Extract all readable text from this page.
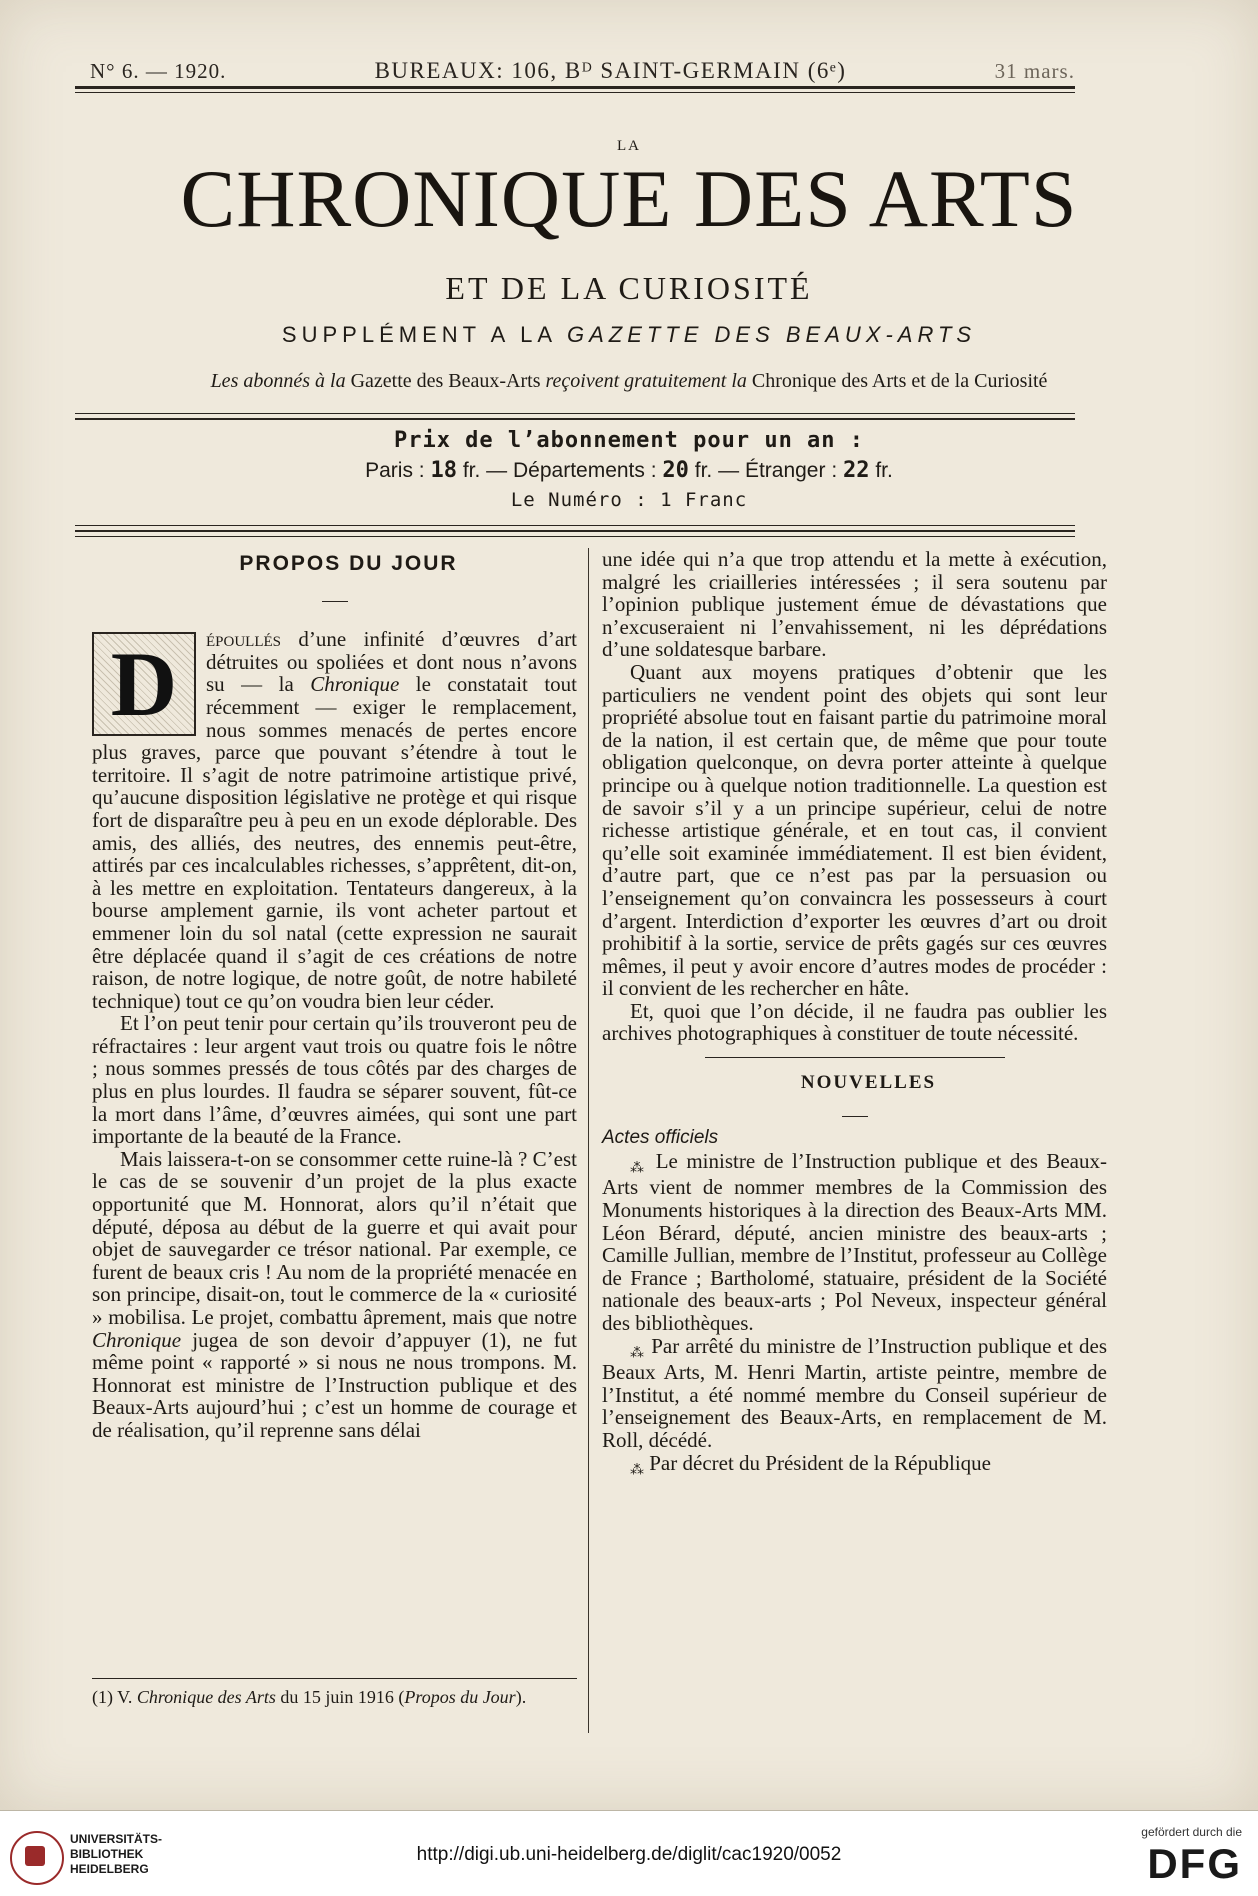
N° 6. — 1920.	BUREAUX: 106, Bᴰ SAINT-GERMAIN (6ᵉ)	31 mars.
LA
CHRONIQUE DES ARTS
ET DE LA CURIOSITÉ
SUPPLÉMENT A LA GAZETTE DES BEAUX-ARTS
Les abonnés à la Gazette des Beaux-Arts reçoivent gratuitement la Chronique des Arts et de la Curiosité
Prix de l’abonnement pour un an :
Paris : 18 fr. — Départements : 20 fr. — Étranger : 22 fr.
Le Numéro : 1 Franc

PROPOS DU JOUR

D	époullés d’une infinité d’œuvres d’art détruites ou spoliées et dont nous n’avons su — la Chronique le constatait tout récemment — exiger le remplacement, nous sommes menacés de pertes encore plus graves, parce que pouvant s’étendre à tout le territoire. Il s’agit de notre patrimoine artistique privé, qu’aucune disposition législative ne protège et qui risque fort de disparaître peu à peu en un exode déplorable. Des amis, des alliés, des neutres, des ennemis peut-être, attirés par ces incalculables richesses, s’apprêtent, dit-on, à les mettre en exploitation. Tentateurs dangereux, à la bourse amplement garnie, ils vont acheter partout et emmener loin du sol natal (cette expression ne saurait être déplacée quand il s’agit de ces créations de notre raison, de notre logique, de notre goût, de notre habileté technique) tout ce qu’on voudra bien leur céder.

Et l’on peut tenir pour certain qu’ils trouveront peu de réfractaires : leur argent vaut trois ou quatre fois le nôtre ; nous sommes pressés de tous côtés par des charges de plus en plus lourdes. Il faudra se séparer souvent, fût-ce la mort dans l’âme, d’œuvres aimées, qui sont une part importante de la beauté de la France.

Mais laissera-t-on se consommer cette ruine-là ? C’est le cas de se souvenir d’un projet de la plus exacte opportunité que M. Honnorat, alors qu’il n’était que député, déposa au début de la guerre et qui avait pour objet de sauvegarder ce trésor national. Par exemple, ce furent de beaux cris ! Au nom de la propriété menacée en son principe, disait-on, tout le commerce de la « curiosité » mobilisa. Le projet, combattu âprement, mais que notre Chronique jugea de son devoir d’appuyer (1), ne fut même point « rapporté » si nous ne nous trompons. M. Honnorat est ministre de l’Instruction publique et des Beaux-Arts aujourd’hui ; c’est un homme de courage et de réalisation, qu’il reprenne sans délai

(1) V. Chronique des Arts du 15 juin 1916 (Propos du Jour).

une idée qui n’a que trop attendu et la mette à exécution, malgré les criailleries intéressées ; il sera soutenu par l’opinion publique justement émue de dévastations que n’excuseraient ni l’envahissement, ni les déprédations d’une soldatesque barbare.

Quant aux moyens pratiques d’obtenir que les particuliers ne vendent point des objets qui sont leur propriété absolue tout en faisant partie du patrimoine moral de la nation, il est certain que, de même que pour toute obligation quelconque, on devra porter atteinte à quelque principe ou à quelque notion traditionnelle. La question est de savoir s’il y a un principe supérieur, celui de notre richesse artistique générale, et en tout cas, il convient qu’elle soit examinée immédiatement. Il est bien évident, d’autre part, que ce n’est pas par la persuasion ou l’enseignement qu’on convaincra les possesseurs à court d’argent. Interdiction d’exporter les œuvres d’art ou droit prohibitif à la sortie, service de prêts gagés sur ces œuvres mêmes, il peut y avoir encore d’autres modes de procéder : il convient de les rechercher en hâte.

Et, quoi que l’on décide, il ne faudra pas oublier les archives photographiques à constituer de toute nécessité.

NOUVELLES

Actes officiels

⁂ Le ministre de l’Instruction publique et des Beaux-Arts vient de nommer membres de la Commission des Monuments historiques à la direction des Beaux-Arts MM. Léon Bérard, député, ancien ministre des beaux-arts ; Camille Jullian, membre de l’Institut, professeur au Collège de France ; Bartholomé, statuaire, président de la Société nationale des beaux-arts ; Pol Neveux, inspecteur général des bibliothèques.

⁂ Par arrêté du ministre de l’Instruction publique et des Beaux Arts, M. Henri Martin, artiste peintre, membre de l’Institut, a été nommé membre du Conseil supérieur de l’enseignement des Beaux-Arts, en remplacement de M. Roll, décédé.

⁂ Par décret du Président de la République

UNIVERSITÄTS-
BIBLIOTHEK
HEIDELBERG
http://digi.ub.uni-heidelberg.de/diglit/cac1920/0052
gefördert durch die
DFG
